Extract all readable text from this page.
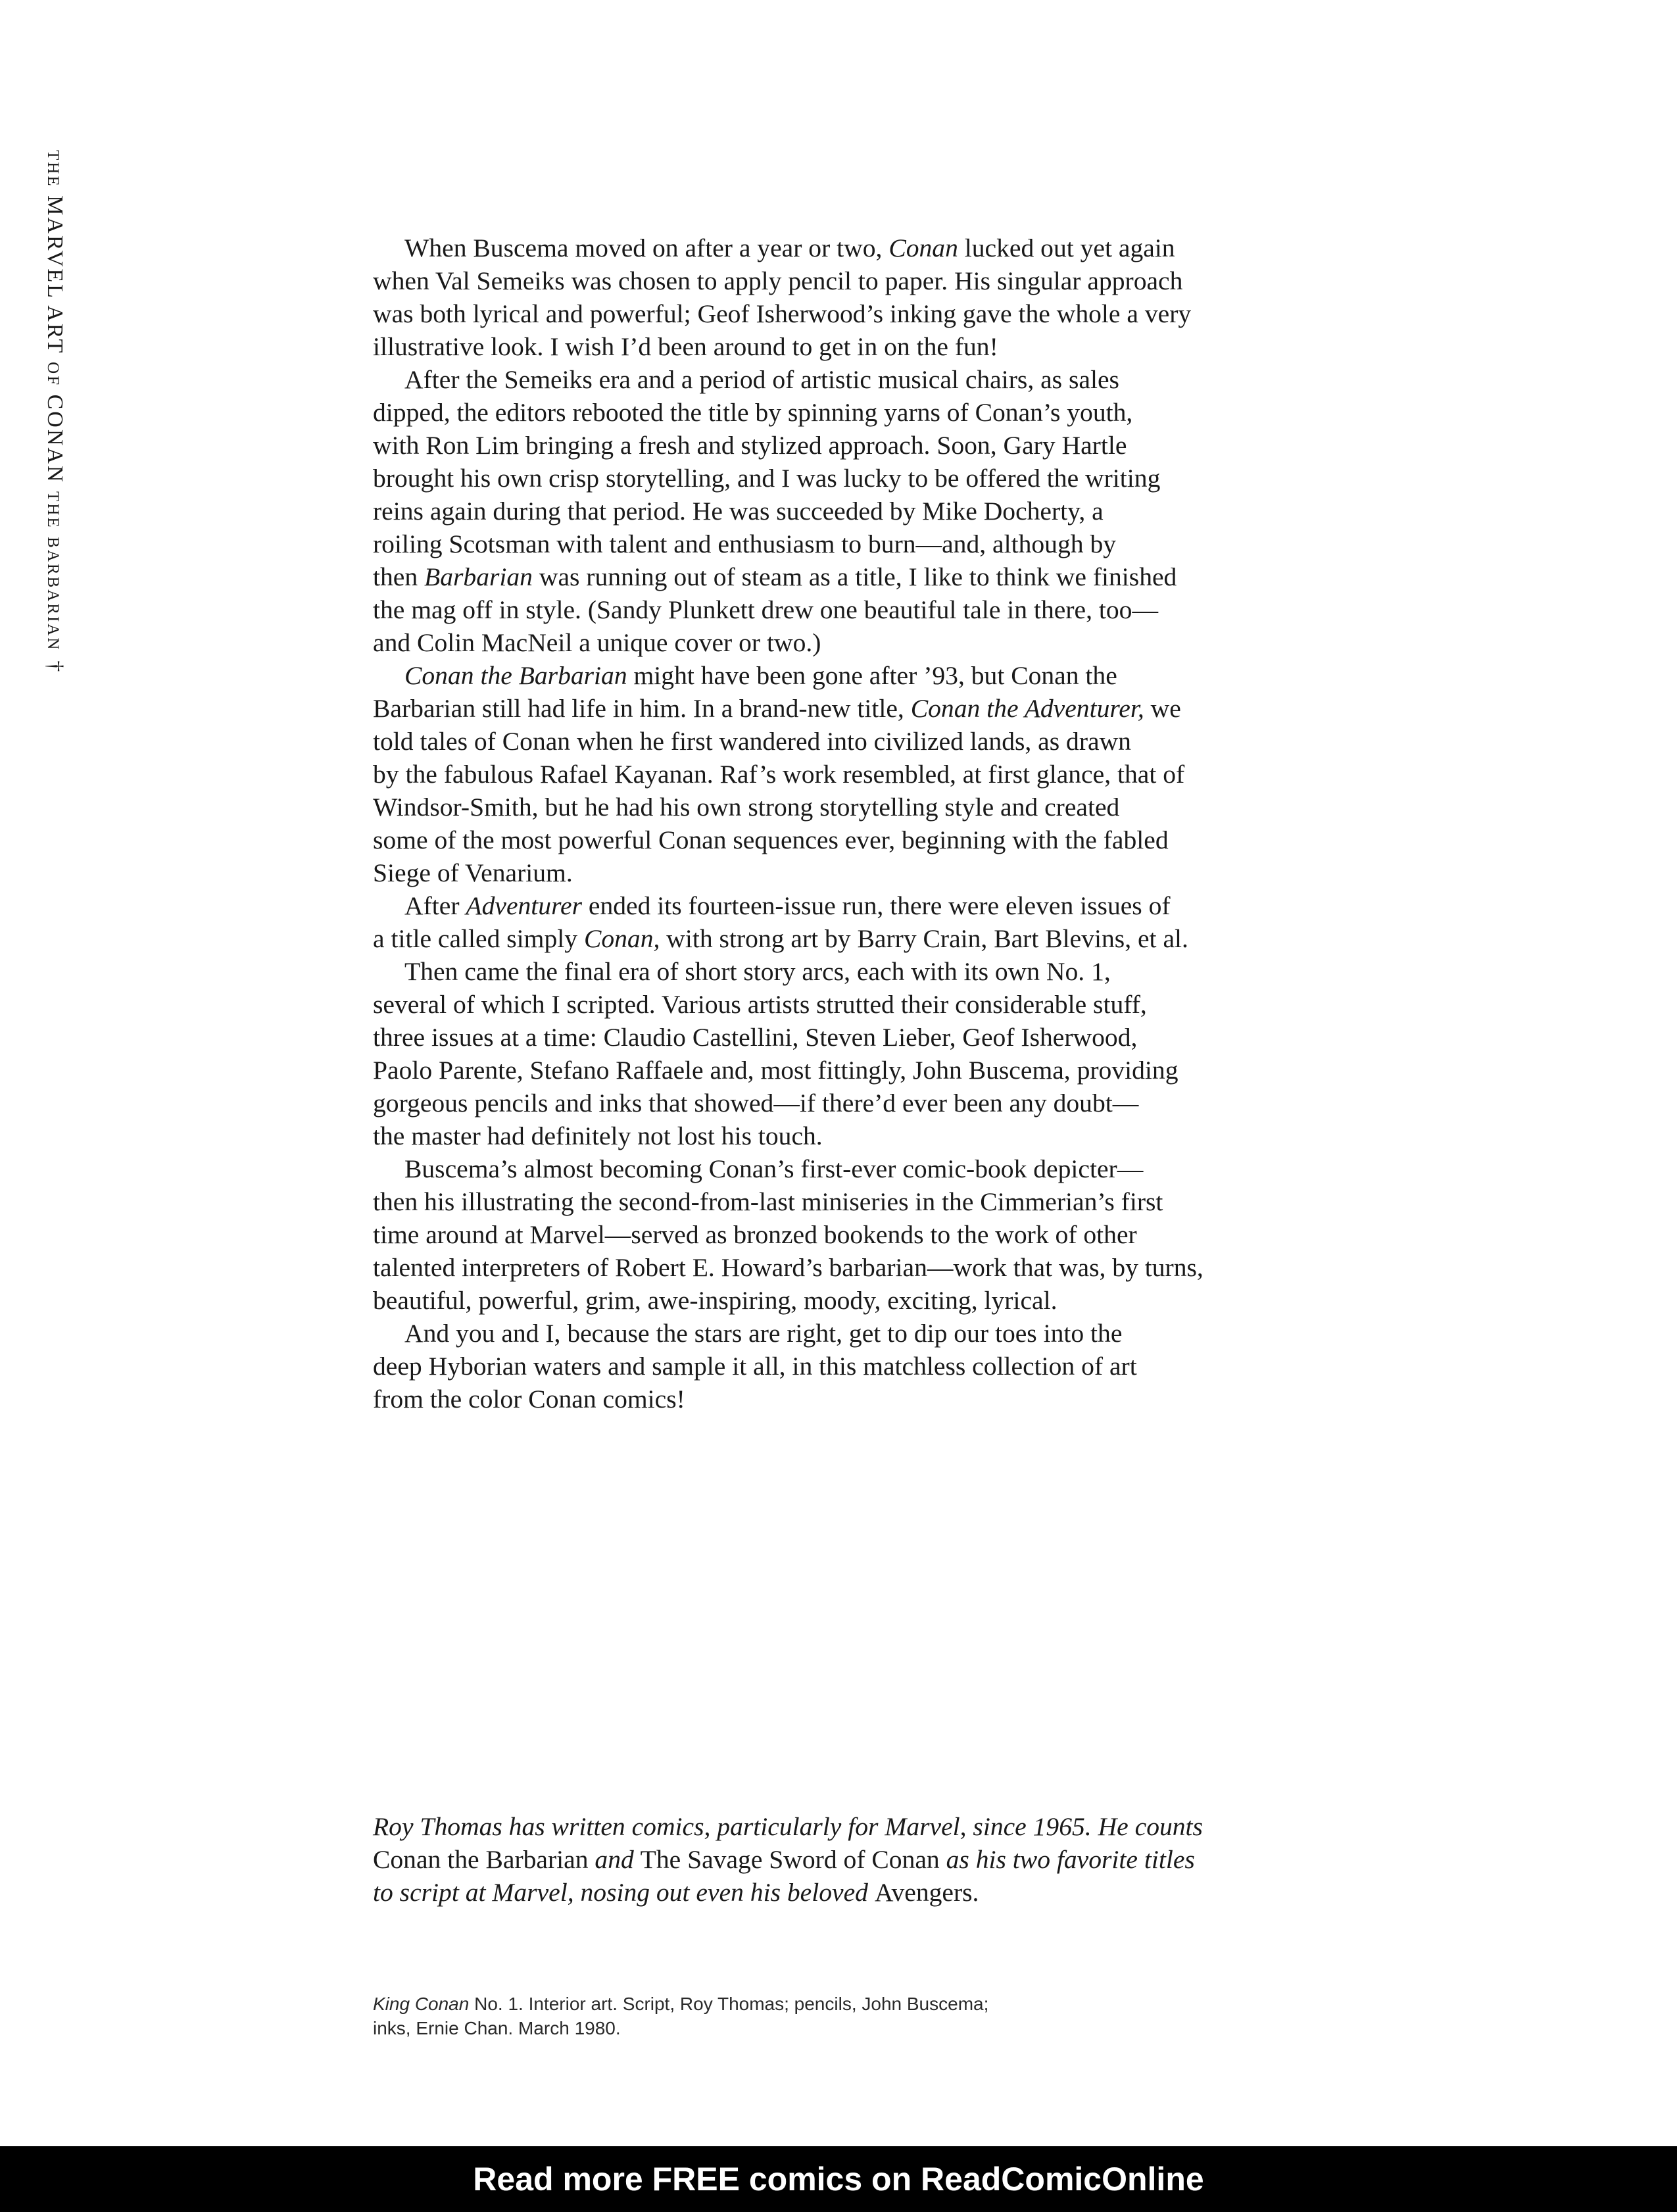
THE MARVEL ART OF CONAN THE BARBARIAN†
When Buscema moved on after a year or two, Conan lucked out yet again
when Val Semeiks was chosen to apply pencil to paper. His singular approach
was both lyrical and powerful; Geof Isherwood’s inking gave the whole a very
illustrative look. I wish I’d been around to get in on the fun!
After the Semeiks era and a period of artistic musical chairs, as sales
dipped, the editors rebooted the title by spinning yarns of Conan’s youth,
with Ron Lim bringing a fresh and stylized approach. Soon, Gary Hartle
brought his own crisp storytelling, and I was lucky to be offered the writing
reins again during that period. He was succeeded by Mike Docherty, a
roiling Scotsman with talent and enthusiasm to burn—and, although by
then Barbarian was running out of steam as a title, I like to think we finished
the mag off in style. (Sandy Plunkett drew one beautiful tale in there, too—
and Colin MacNeil a unique cover or two.)
Conan the Barbarian might have been gone after ’93, but Conan the
Barbarian still had life in him. In a brand-new title, Conan the Adventurer, we
told tales of Conan when he first wandered into civilized lands, as drawn
by the fabulous Rafael Kayanan. Raf’s work resembled, at first glance, that of
Windsor-Smith, but he had his own strong storytelling style and created
some of the most powerful Conan sequences ever, beginning with the fabled
Siege of Venarium.
After Adventurer ended its fourteen-issue run, there were eleven issues of
a title called simply Conan, with strong art by Barry Crain, Bart Blevins, et al.
Then came the final era of short story arcs, each with its own No. 1,
several of which I scripted. Various artists strutted their considerable stuff,
three issues at a time: Claudio Castellini, Steven Lieber, Geof Isherwood,
Paolo Parente, Stefano Raffaele and, most fittingly, John Buscema, providing
gorgeous pencils and inks that showed—if there’d ever been any doubt—
the master had definitely not lost his touch.
Buscema’s almost becoming Conan’s first-ever comic-book depicter—
then his illustrating the second-from-last miniseries in the Cimmerian’s first
time around at Marvel—served as bronzed bookends to the work of other
talented interpreters of Robert E. Howard’s barbarian—work that was, by turns,
beautiful, powerful, grim, awe-inspiring, moody, exciting, lyrical.
And you and I, because the stars are right, get to dip our toes into the
deep Hyborian waters and sample it all, in this matchless collection of art
from the color Conan comics!
Roy Thomas has written comics, particularly for Marvel, since 1965. He counts
Conan the Barbarian and The Savage Sword of Conan as his two favorite titles
to script at Marvel, nosing out even his beloved Avengers.
King Conan No. 1. Interior art. Script, Roy Thomas; pencils, John Buscema;
inks, Ernie Chan. March 1980.
Read more FREE comics on ReadComicOnline
